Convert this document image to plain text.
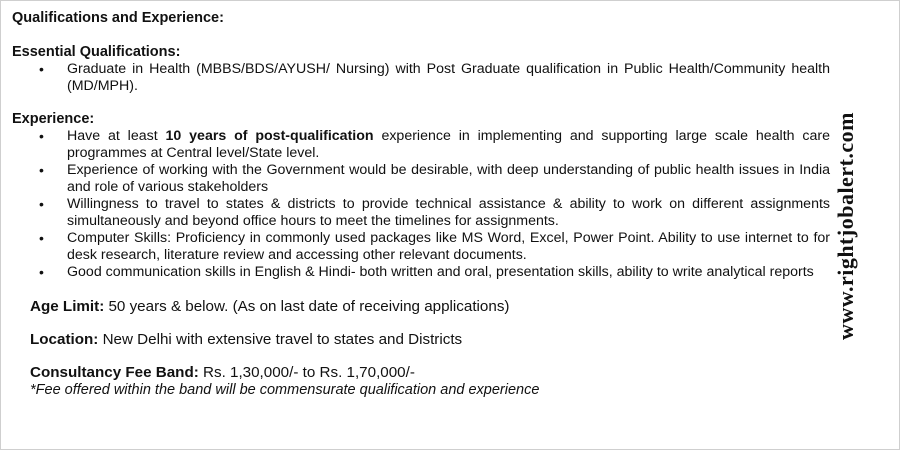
Qualifications and Experience:
Essential Qualifications:
• Graduate in Health (MBBS/BDS/AYUSH/ Nursing) with Post Graduate qualification in Public Health/Community health (MD/MPH).
Experience:
• Have at least 10 years of post-qualification experience in implementing and supporting large scale health care programmes at Central level/State level.
• Experience of working with the Government would be desirable, with deep understanding of public health issues in India and role of various stakeholders
• Willingness to travel to states & districts to provide technical assistance & ability to work on different assignments simultaneously and beyond office hours to meet the timelines for assignments.
• Computer Skills: Proficiency in commonly used packages like MS Word, Excel, Power Point. Ability to use internet to for desk research, literature review and accessing other relevant documents.
• Good communication skills in English & Hindi- both written and oral, presentation skills, ability to write analytical reports
Age Limit: 50 years & below. (As on last date of receiving applications)
Location: New Delhi with extensive travel to states and Districts
Consultancy Fee Band: Rs. 1,30,000/- to Rs. 1,70,000/-
*Fee offered within the band will be commensurate qualification and experience
www.rightjobalert.com
